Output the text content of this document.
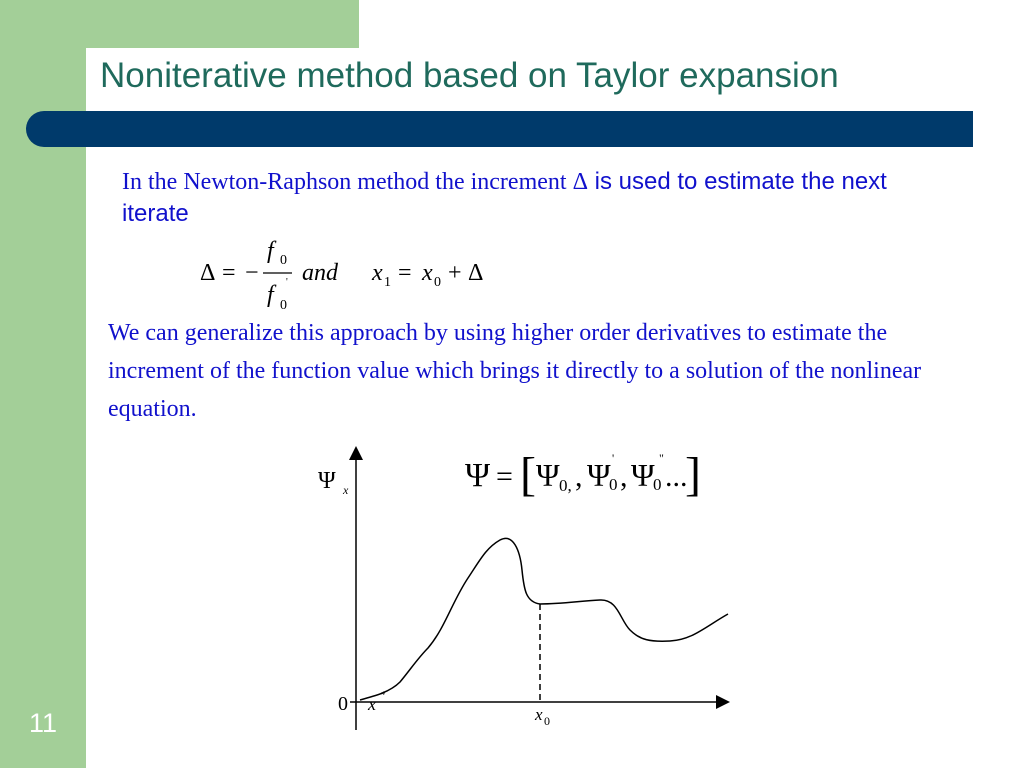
Noniterative method based on Taylor expansion

In the Newton-Raphson method the increment Δ is used to estimate the next iterate

Δ = −
f 0
f 0
' and x 1 = x 0 + Δ

We can generalize this approach by using higher order derivatives to estimate the increment of the function value which brings it directly to a solution of the nonlinear equation.

Ψ = [ Ψ 0, , Ψ
0
'
, Ψ
0
"
...
]
Ψ x
0 x *
x 0
11
